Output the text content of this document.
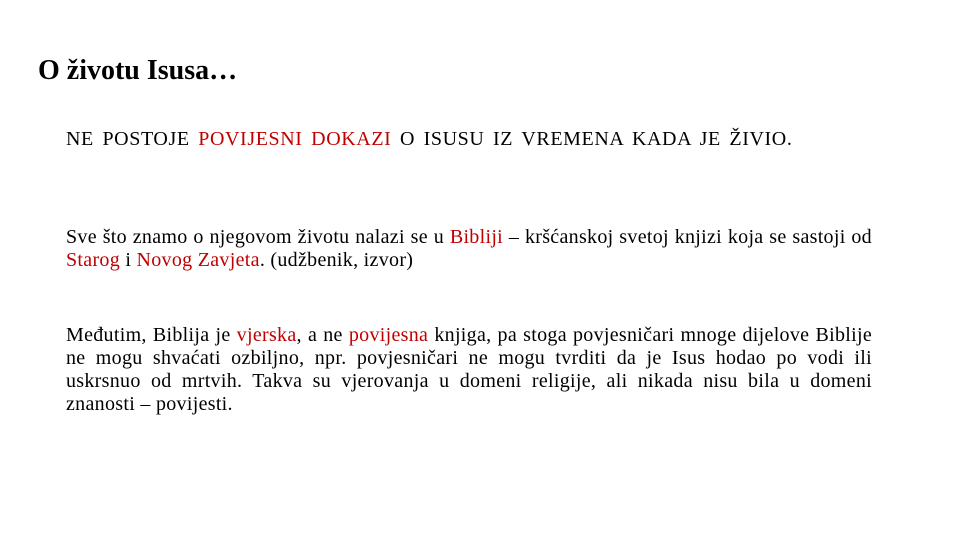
O životu Isusa…

NE POSTOJE POVIJESNI DOKAZI O ISUSU IZ VREMENA KADA JE ŽIVIO.

Sve što znamo o njegovom životu nalazi se u Bibliji – kršćanskoj svetoj knjizi koja se sastoji od Starog i Novog Zavjeta. (udžbenik, izvor)

Međutim, Biblija je vjerska, a ne povijesna knjiga, pa stoga povjesničari mnoge dijelove Biblije ne mogu shvaćati ozbiljno, npr. povjesničari ne mogu tvrditi da je Isus hodao po vodi ili uskrsnuo od mrtvih. Takva su vjerovanja u domeni religije, ali nikada nisu bila u domeni znanosti – povijesti.
